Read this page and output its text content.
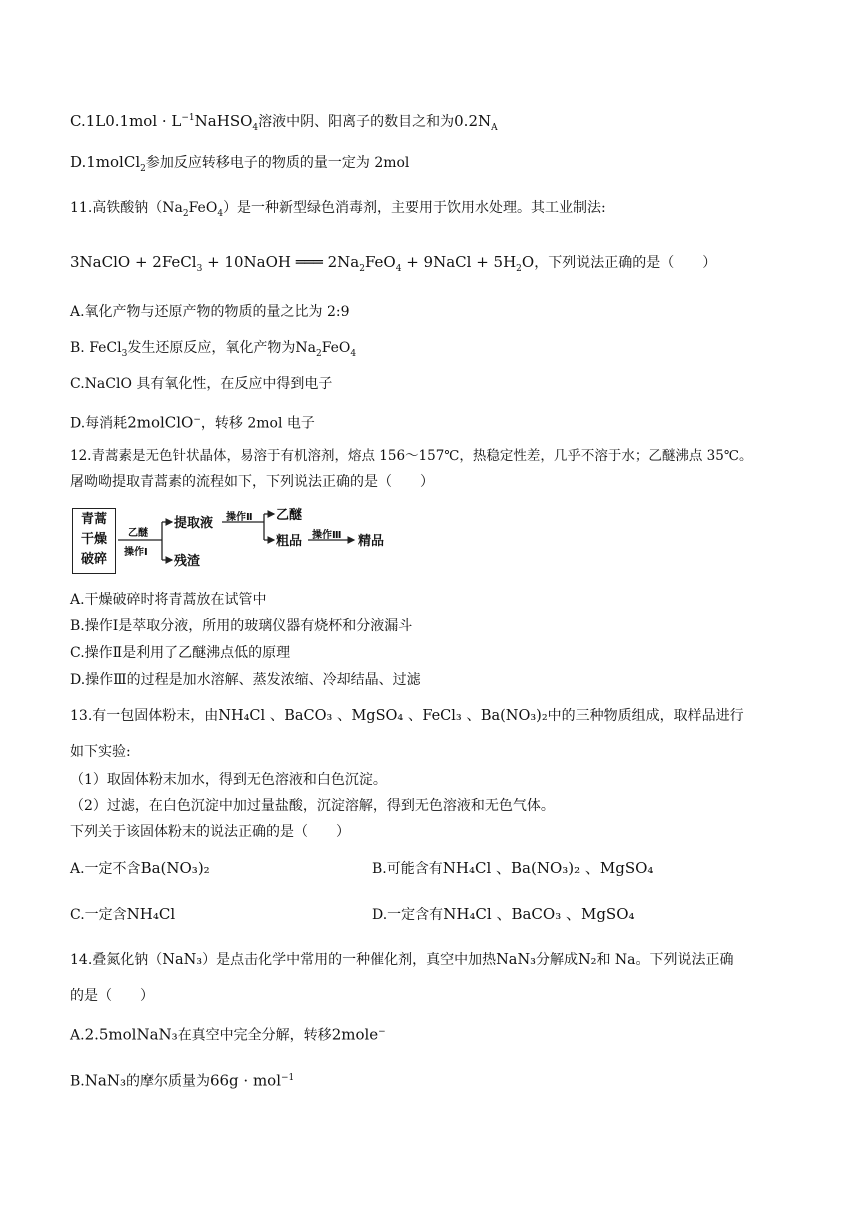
$C.1L0.1mol \cdot L^{-1}NaHSO_4$溶液中阴、阳离子的数目之和为$0.2N_A$
D.1molCl$_2$参加反应转移电子的物质的量一定为 2mol
11.高铁酸钠$(Na_2FeO_4)$是一种新型绿色消毒剂，主要用于饮用水处理。其工业制法:
3NaClO + 2FeCl$_3$ + 10NaOH ═══ $2Na_2FeO_4$ + 9NaCl + $5H_2O$，下列说法正确的是（　　）
A.氧化产物与还原产物的物质的量之比为 2:9
B. FeCl$_3$发生还原反应，氧化产物为$Na_2FeO_4$
C.NaClO 具有氧化性，在反应中得到电子
D.每消耗2molClO−，转移 2mol 电子
12.青蒿素是无色针状晶体，易溶于有机溶剂，熔点 156～157℃，热稳定性差，几乎不溶于水；乙醚沸点 35℃。
屠呦呦提取青蒿素的流程如下，下列说法正确的是（　　）
青蒿
干燥
破碎
乙醚
操作Ⅰ
提取液 操作Ⅱ 乙醚
粗品 操作Ⅲ 精品
残渣
A.干燥破碎时将青蒿放在试管中
B.操作Ⅰ是萃取分液，所用的玻璃仪器有烧杯和分液漏斗
C.操作Ⅱ是利用了乙醚沸点低的原理
D.操作Ⅲ的过程是加水溶解、蒸发浓缩、冷却结晶、过滤
13.有一包固体粉末，由NH₄Cl 、BaCO₃ 、MgSO₄ 、FeCl₃ 、Ba(NO₃)₂中的三种物质组成，取样品进行
如下实验:
（1）取固体粉末加水，得到无色溶液和白色沉淀。
（2）过滤，在白色沉淀中加过量盐酸，沉淀溶解，得到无色溶液和无色气体。
下列关于该固体粉末的说法正确的是（　　）
A.一定不含Ba(NO₃)₂	B.可能含有NH₄Cl 、Ba(NO₃)₂ 、MgSO₄
C.一定含NH₄Cl	D.一定含有NH₄Cl 、BaCO₃ 、MgSO₄
14.叠氮化钠（NaN₃）是点击化学中常用的一种催化剂，真空中加热NaN₃分解成N₂和 Na。下列说法正确
的是（　　）
A.2.5molNaN₃在真空中完全分解，转移2mole−
B.NaN₃的摩尔质量为66g · mol$^{-1}$
